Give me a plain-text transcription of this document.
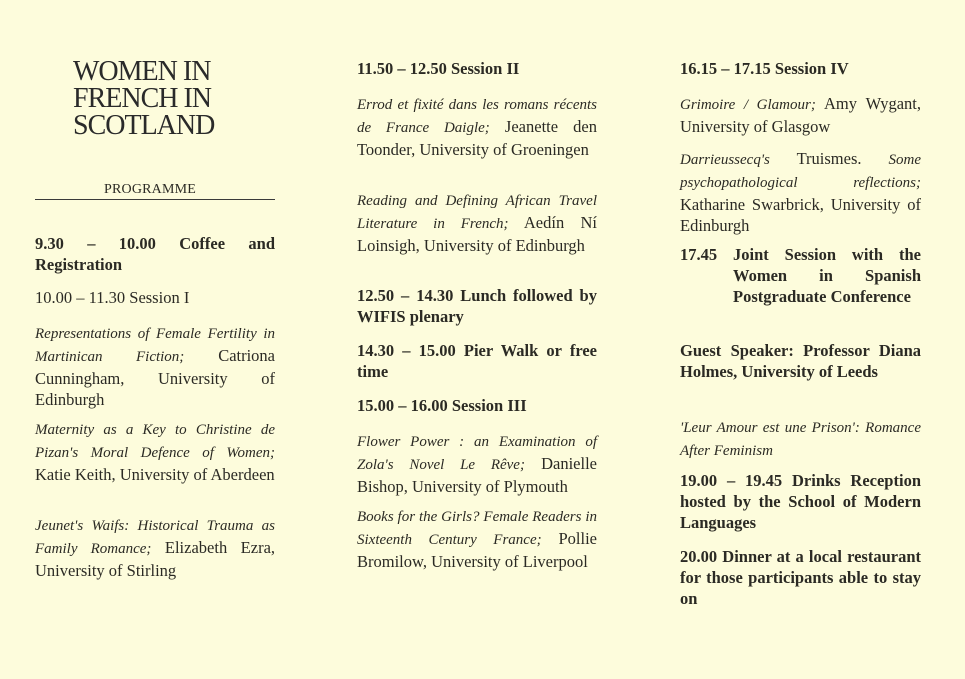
WOMEN IN
FRENCH IN
SCOTLAND
PROGRAMME
9.30 – 10.00 Coffee and Registration
10.00 – 11.30 Session I
Representations of Female Fertility in Martinican Fiction; Catriona Cunningham, University of Edinburgh
Maternity as a Key to Christine de Pizan's Moral Defence of Women; Katie Keith, University of Aberdeen
Jeunet's Waifs: Historical Trauma as Family Romance; Elizabeth Ezra, University of Stirling
11.50 – 12.50 Session II
Errod et fixité dans les romans récents de France Daigle; Jeanette den Toonder, University of Groeningen
Reading and Defining African Travel Literature in French; Aedín Ní Loinsigh, University of Edinburgh
12.50 – 14.30 Lunch followed by WIFIS plenary
14.30 – 15.00 Pier Walk or free time
15.00 – 16.00 Session III
Flower Power : an Examination of Zola's Novel Le Rêve; Danielle Bishop, University of Plymouth
Books for the Girls? Female Readers in Sixteenth Century France; Pollie Bromilow, University of Liverpool
16.15 – 17.15 Session IV
Grimoire / Glamour; Amy Wygant, University of Glasgow
Darrieussecq's Truismes. Some psychopathological reflections; Katharine Swarbrick, University of Edinburgh
17.45 Joint Session with the Women in Spanish Postgraduate Conference
Guest Speaker: Professor Diana Holmes, University of Leeds
'Leur Amour est une Prison': Romance After Feminism
19.00 – 19.45 Drinks Reception hosted by the School of Modern Languages
20.00 Dinner at a local restaurant for those participants able to stay on
